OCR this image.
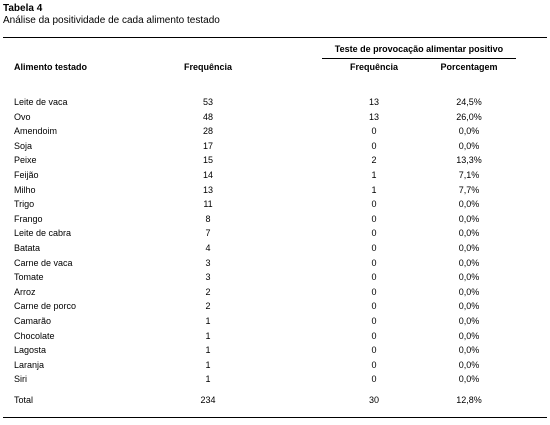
Tabela 4
Análise da positividade de cada alimento testado
Teste de provocação alimentar positivo
Alimento testado	Frequência	Frequência	Porcentagem
Leite de vaca	53	13	24,5%
Ovo	48	13	26,0%
Amendoim	28	0	0,0%
Soja	17	0	0,0%
Peixe	15	2	13,3%
Feijão	14	1	7,1%
Milho	13	1	7,7%
Trigo	11	0	0,0%
Frango	8	0	0,0%
Leite de cabra	7	0	0,0%
Batata	4	0	0,0%
Carne de vaca	3	0	0,0%
Tomate	3	0	0,0%
Arroz	2	0	0,0%
Carne de porco	2	0	0,0%
Camarão	1	0	0,0%
Chocolate	1	0	0,0%
Lagosta	1	0	0,0%
Laranja	1	0	0,0%
Siri	1	0	0,0%
Total	234	30	12,8%
